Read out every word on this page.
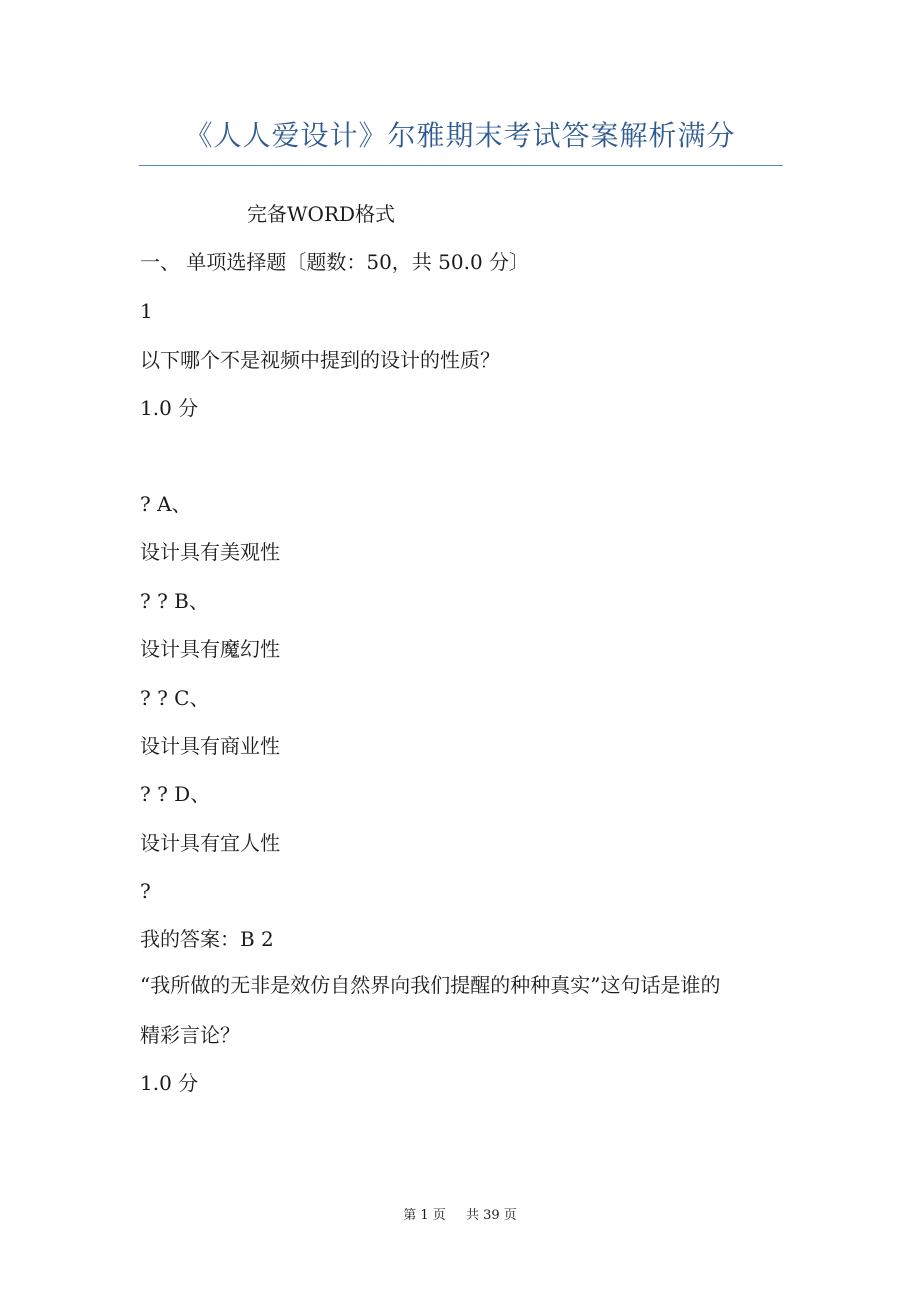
《人人爱设计》尔雅期末考试答案解析满分
完备WORD格式
一、 单项选择题〔题数：50，共 50.0 分〕
1
以下哪个不是视频中提到的设计的性质？
1.0 分
? A、
设计具有美观性
? ? B、
设计具有魔幻性
? ? C、
设计具有商业性
? ? D、
设计具有宜人性
?
我的答案：B 2
“我所做的无非是效仿自然界向我们提醒的种种真实”这句话是谁的
精彩言论？
1.0 分
第 1 页 共 39 页
